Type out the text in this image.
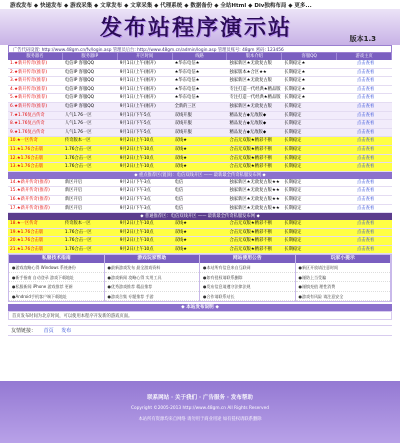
游戏发布 ◆ 快递发布 ◆ 游戏采集 ◆ 文章发布 ◆ 文章采集 ◆ 代理系统 ◆ 数据备份 ◆ 全站Html ◆ Div独构布局 ◆ 更多...
发布站程序演示站	版本1.3
广告代码设置: http://www.48gm.cn/fv/login.asp 管理员后台: http://www.48gm.cn/admin/login.asp 管理员账号: 48gm 密码: 123456
服务器名	服务器IP	开区时间	线路	版本介绍	客服QQ	游戏主页
1.★新开传奇(推荐)	电信IP 客服QQ	9月1日/上午(刚开)	★华东电信★	独家新区★无敌复古版	长期稳定★	点击查看
2.★新开传奇(推荐)	电信IP 客服QQ	9月1日/上午(刚开)	★华东电信★	独家版本★合区★★	长期稳定★	点击查看
3.★新开传奇(推荐)	电信IP 客服QQ	9月1日/上午(刚开)	★华东电信★	独家新区★无敌复古版	长期稳定★	点击查看
4.★新开传奇(推荐)	电信IP 客服QQ	9月1日/上午(刚开)	★华东电信★	专注打造一代经典★精品版 长期稳定★	点击查看
5.★新开传奇(推荐)	电信IP 客服QQ	9月1日/上午(刚开)	★华东电信★	专注打造一代经典★精品版 长期稳定★	点击查看
6.★新开传奇(推荐)	电信IP 客服QQ	9月1日/上午(刚开)	全新的三区	独家新区★无敌复古版	长期稳定	点击查看
7.★1.76复古传奇	人气1.76一区	9月1日/下午5点	双线开服	精品复古◆无敌版◆	长期稳定	点击查看
8.★1.76复古传奇	人气1.76一区	9月1日/下午5点	双线开服	精品复古◆无敌版◆	长期稳定	点击查看
9.★1.76复古传奇	人气1.76一区	9月1日/下午5点	双线开服	精品复古◆无敌版◆	长期稳定	点击查看
10.★一区传奇	传奇版本一区	9月2日/上午10点	双线★	合击无双版★精彩不断	长期稳定	点击查看
11.★1.76合击版	1.76合击一区	9月2日/上午10点	双线★	合击无双版★精彩不断	长期稳定	点击查看
12.★1.76合击版	1.76合击一区	9月2日/上午10点	双线★	合击无双版★精彩不断	长期稳定	点击查看
13.★1.76合击版	1.76合击一区	9月2日/上午10点	双线★	合击无双版★精彩不断	长期稳定	点击查看
◆ 重点推荐区(置顶)：电信双线开区 —— 最新最全传奇私服发布网 ◆
14.★新开传奇(推荐)	新区开启	9月2日/下午3点	电信	独家新区★无敌复古版★★	长期稳定	点击查看
15.★新开传奇(推荐)	新区开启	9月2日/下午3点	电信	独家新区★无敌复古版★★	长期稳定	点击查看
16.★新开传奇(推荐)	新区开启	9月2日/下午3点	电信	独家新区★无敌复古版★★	长期稳定	点击查看
17.★新开传奇(推荐)	新区开启	9月2日/下午3点	电信	独家新区★无敌复古版★★	长期稳定	点击查看
◆ 普通推荐区：电信双线开区 —— 最新最全传奇私服发布网 ◆
18.★一区传奇	传奇版本一区	9月2日/上午10点	双线★	合击无双版★精彩不断	长期稳定	点击查看
19.★1.76合击版	1.76合击一区	9月2日/上午10点	双线★	合击无双版★精彩不断	长期稳定	点击查看
20.★1.76合击版	1.76合击一区	9月2日/上午10点	双线★	合击无双版★精彩不断	长期稳定	点击查看
21.★1.76合击版	1.76合击一区	9月2日/上午10点	双线★	合击无双版★精彩不断	长期稳定	点击查看
私服技术指南
●游戏攻略心得 Windows 系统备份
●新手指南 自动登录 游戏下载地址
●私服新闻 iPhone 游戏推荐 更新
●Android手机客户端下载地址
游戏玩家帮助
●最新游戏发布 最全游戏资料
●游戏新闻 攻略心得 实用工具
●优秀游戏推荐 精品推荐
●游戏合集 专题推荐 手游
网站使用公告
●本站所有信息来自互联网
●如有侵权请联系删除
●发布信息请遵守法律法规
●合作请联系站长
玩家小提示
●新区开放请注意时间
●谨防上当受骗
●谨慎充值 理性消费
●游戏有风险 请注意安全
◆ 本站发布说明 ◆
首页发布时间为北京时间，可以使用本程序开发新的游戏页面。
友情链接： 首页 发布
联系网站 · 关于我们 · 广告服务 · 发布帮助
Copyright ©2005-2013 http://www.48gm.cn All Rights Reserved
本站所有资源均来自网络 请勿用于商业用途 如有侵权请联系删除
